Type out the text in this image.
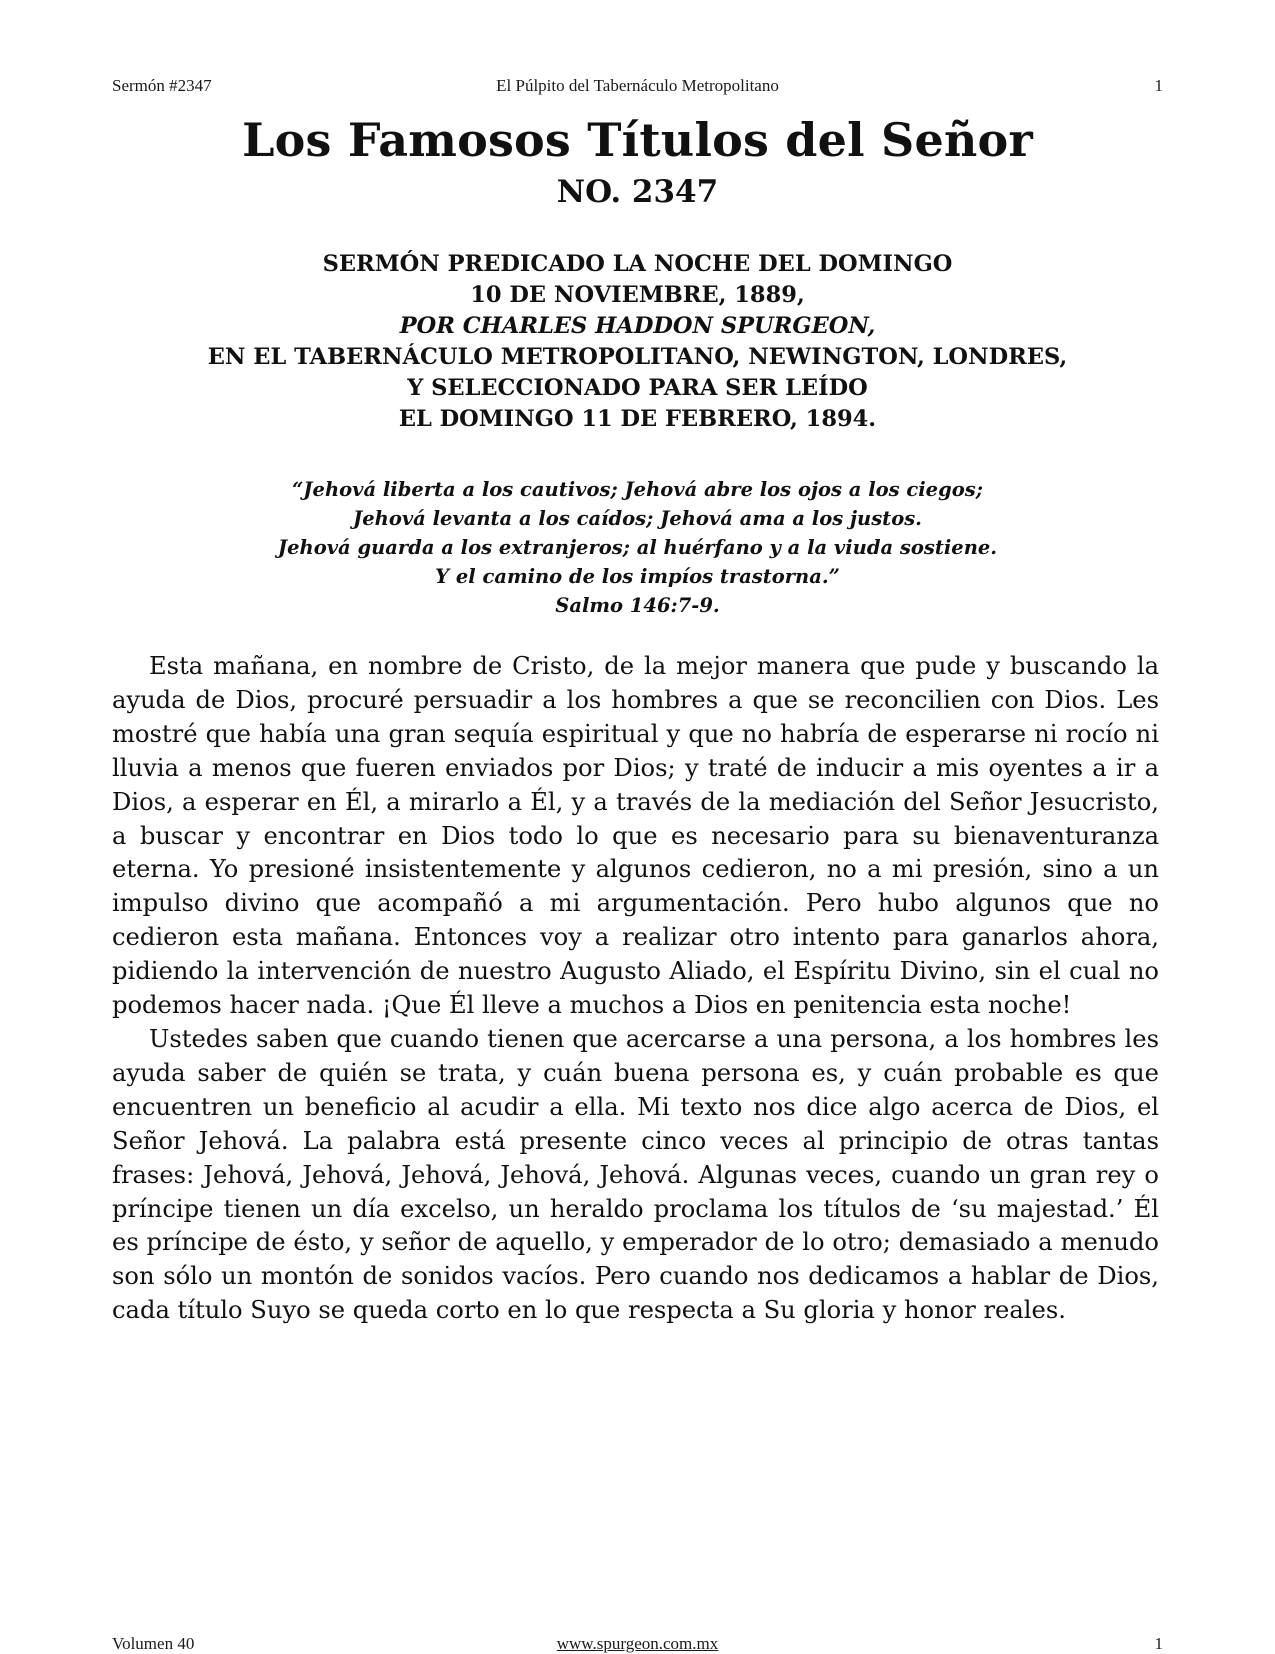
Sermón #2347	El Púlpito del Tabernáculo Metropolitano	1
Los Famosos Títulos del Señor
NO. 2347
SERMÓN PREDICADO LA NOCHE DEL DOMINGO
10 DE NOVIEMBRE, 1889,
POR CHARLES HADDON SPURGEON,
EN EL TABERNÁCULO METROPOLITANO, NEWINGTON, LONDRES,
Y SELECCIONADO PARA SER LEÍDO
EL DOMINGO 11 DE FEBRERO, 1894.
“Jehová liberta a los cautivos; Jehová abre los ojos a los ciegos;
Jehová levanta a los caídos; Jehová ama a los justos.
Jehová guarda a los extranjeros; al huérfano y a la viuda sostiene.
Y el camino de los impíos trastorna.”
Salmo 146:7-9.

Esta mañana, en nombre de Cristo, de la mejor manera que pude y buscando la ayuda de Dios, procuré persuadir a los hombres a que se reconcilien con Dios. Les mostré que había una gran sequía espiritual y que no habría de esperarse ni rocío ni lluvia a menos que fueren enviados por Dios; y traté de inducir a mis oyentes a ir a Dios, a esperar en Él, a mirarlo a Él, y a través de la mediación del Señor Jesucristo, a buscar y encontrar en Dios todo lo que es necesario para su bienaventuranza eterna. Yo presioné insistentemente y algunos cedieron, no a mi presión, sino a un impulso divino que acompañó a mi argumentación. Pero hubo algunos que no cedieron esta mañana. Entonces voy a realizar otro intento para ganarlos ahora, pidiendo la intervención de nuestro Augusto Aliado, el Espíritu Divino, sin el cual no podemos hacer nada. ¡Que Él lleve a muchos a Dios en penitencia esta noche!

Ustedes saben que cuando tienen que acercarse a una persona, a los hombres les ayuda saber de quién se trata, y cuán buena persona es, y cuán probable es que encuentren un beneficio al acudir a ella. Mi texto nos dice algo acerca de Dios, el Señor Jehová. La palabra está presente cinco veces al principio de otras tantas frases: Jehová, Jehová, Jehová, Jehová, Jehová. Algunas veces, cuando un gran rey o príncipe tienen un día excelso, un heraldo proclama los títulos de ‘su majestad.’ Él es príncipe de ésto, y señor de aquello, y emperador de lo otro; demasiado a menudo son sólo un montón de sonidos vacíos. Pero cuando nos dedicamos a hablar de Dios, cada título Suyo se queda corto en lo que respecta a Su gloria y honor reales.

Volumen 40	www.spurgeon.com.mx	1
